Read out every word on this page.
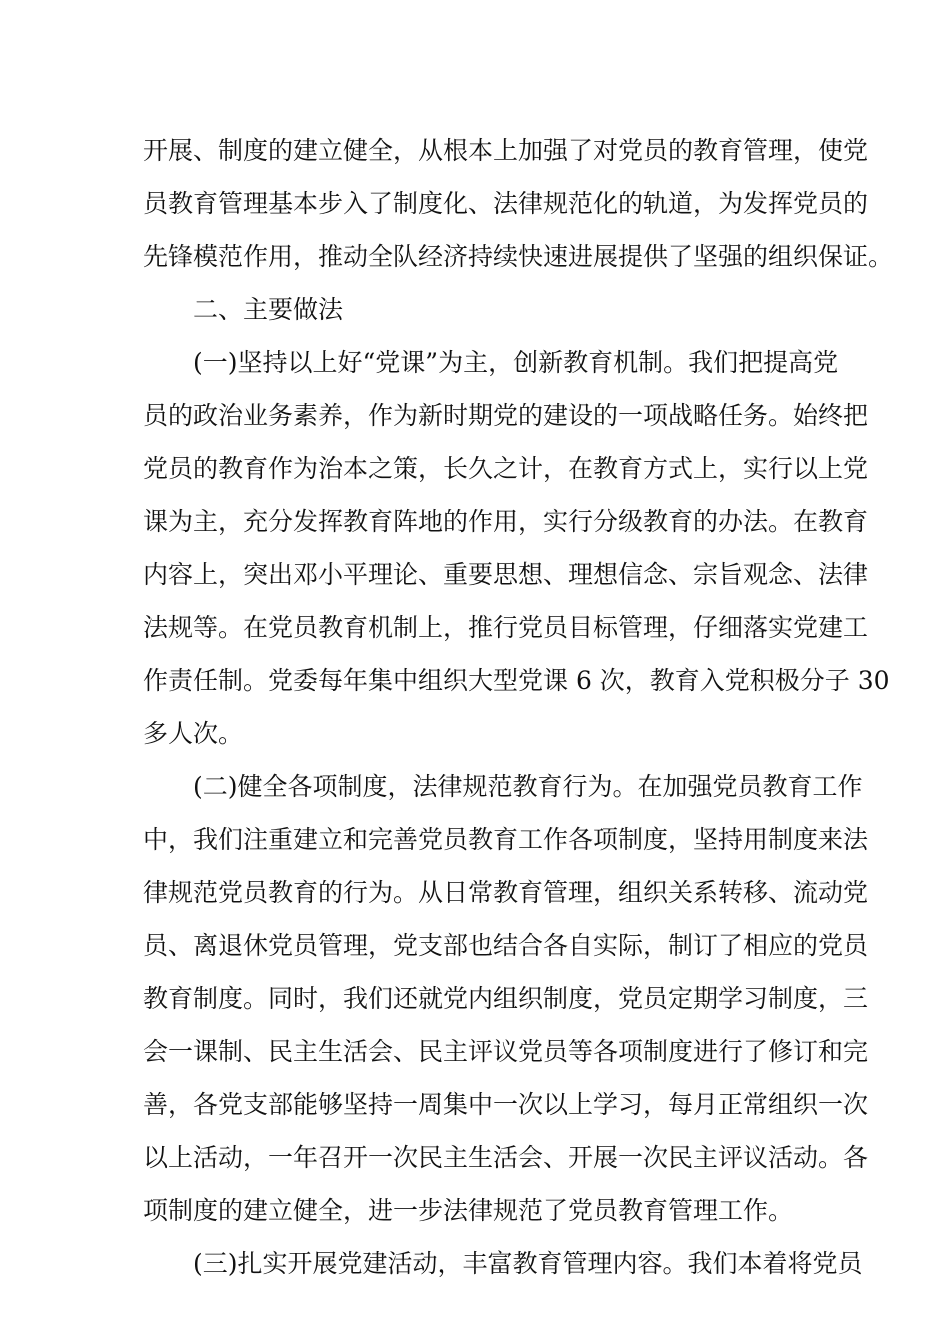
开展、制度的建立健全，从根本上加强了对党员的教育管理，使党
员教育管理基本步入了制度化、法律规范化的轨道，为发挥党员的
先锋模范作用，推动全队经济持续快速进展提供了坚强的组织保证。
二、主要做法
(一)坚持以上好“党课”为主，创新教育机制。我们把提高党
员的政治业务素养，作为新时期党的建设的一项战略任务。始终把
党员的教育作为治本之策，长久之计，在教育方式上，实行以上党
课为主，充分发挥教育阵地的作用，实行分级教育的办法。在教育
内容上，突出邓小平理论、重要思想、理想信念、宗旨观念、法律
法规等。在党员教育机制上，推行党员目标管理，仔细落实党建工
作责任制。党委每年集中组织大型党课 6 次，教育入党积极分子 30
多人次。
(二)健全各项制度，法律规范教育行为。在加强党员教育工作
中，我们注重建立和完善党员教育工作各项制度，坚持用制度来法
律规范党员教育的行为。从日常教育管理，组织关系转移、流动党
员、离退休党员管理，党支部也结合各自实际，制订了相应的党员
教育制度。同时，我们还就党内组织制度，党员定期学习制度，三
会一课制、民主生活会、民主评议党员等各项制度进行了修订和完
善，各党支部能够坚持一周集中一次以上学习，每月正常组织一次
以上活动，一年召开一次民主生活会、开展一次民主评议活动。各
项制度的建立健全，进一步法律规范了党员教育管理工作。
(三)扎实开展党建活动，丰富教育管理内容。我们本着将党员
